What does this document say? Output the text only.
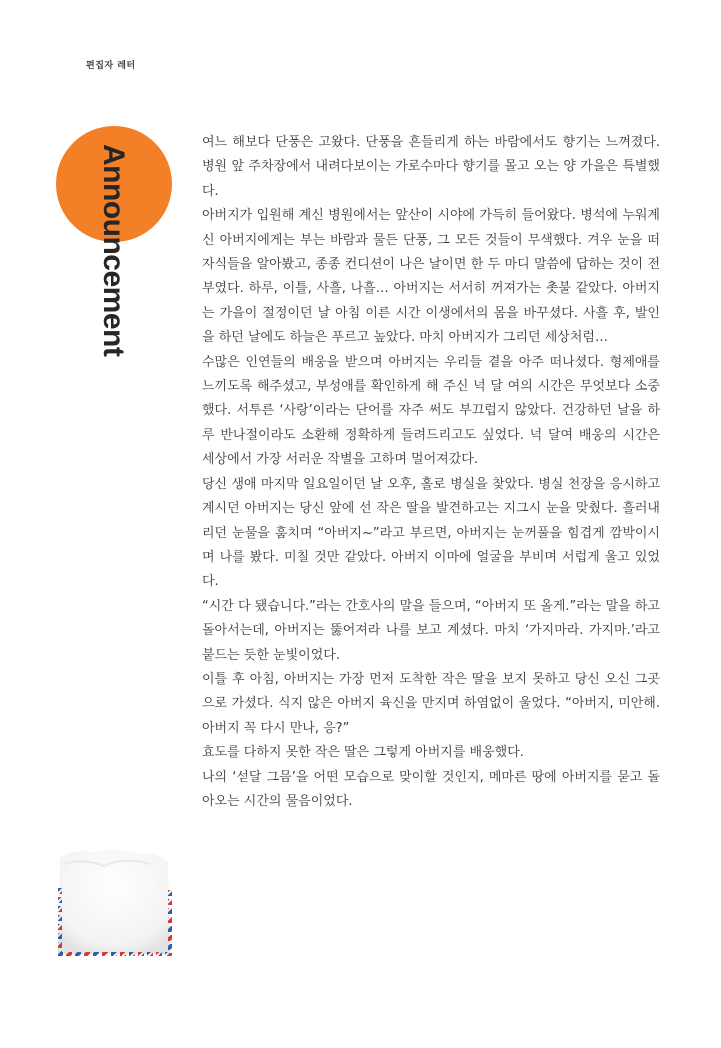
편집자 레터
Announcement

여느 해보다 단풍은 고왔다. 단풍을 흔들리게 하는 바람에서도 향기는 느껴졌다. 병원 앞 주차장에서 내려다보이는 가로수마다 향기를 몰고 오는 양 가을은 특별했다.

아버지가 입원해 계신 병원에서는 앞산이 시야에 가득히 들어왔다. 병석에 누워계신 아버지에게는 부는 바람과 물든 단풍, 그 모든 것들이 무색했다. 겨우 눈을 떠 자식들을 알아봤고, 종종 컨디션이 나은 날이면 한 두 마디 말씀에 답하는 것이 전부였다. 하루, 이틀, 사흘, 나흘… 아버지는 서서히 꺼져가는 촛불 같았다. 아버지는 가을이 절정이던 날 아침 이른 시간 이생에서의 몸을 바꾸셨다. 사흘 후, 발인을 하던 날에도 하늘은 푸르고 높았다. 마치 아버지가 그리던 세상처럼…

수많은 인연들의 배웅을 받으며 아버지는 우리들 곁을 아주 떠나셨다. 형제애를 느끼도록 해주셨고, 부성애를 확인하게 해 주신 넉 달 여의 시간은 무엇보다 소중했다. 서투른 ‘사랑’이라는 단어를 자주 써도 부끄럽지 않았다. 건강하던 날을 하루 반나절이라도 소환해 정확하게 들려드리고도 싶었다. 넉 달여 배웅의 시간은 세상에서 가장 서러운 작별을 고하며 멀어져갔다.

당신 생애 마지막 일요일이던 날 오후, 홀로 병실을 찾았다. 병실 천장을 응시하고 계시던 아버지는 당신 앞에 선 작은 딸을 발견하고는 지그시 눈을 맞췄다. 흘러내리던 눈물을 훔치며 “아버지~”라고 부르면, 아버지는 눈꺼풀을 힘겹게 깜박이시며 나를 봤다. 미칠 것만 같았다. 아버지 이마에 얼굴을 부비며 서럽게 울고 있었다.

“시간 다 됐습니다.”라는 간호사의 말을 들으며, “아버지 또 올게.”라는 말을 하고 돌아서는데, 아버지는 뚫어져라 나를 보고 계셨다. 마치 ‘가지마라. 가지마.’라고 붙드는 듯한 눈빛이었다.

이틀 후 아침, 아버지는 가장 먼저 도착한 작은 딸을 보지 못하고 당신 오신 그곳으로 가셨다. 식지 않은 아버지 육신을 만지며 하염없이 울었다. “아버지, 미안해. 아버지 꼭 다시 만나, 응?”

효도를 다하지 못한 작은 딸은 그렇게 아버지를 배웅했다.

나의 ‘섣달 그믐’을 어떤 모습으로 맞이할 것인지, 메마른 땅에 아버지를 묻고 돌아오는 시간의 물음이었다.
